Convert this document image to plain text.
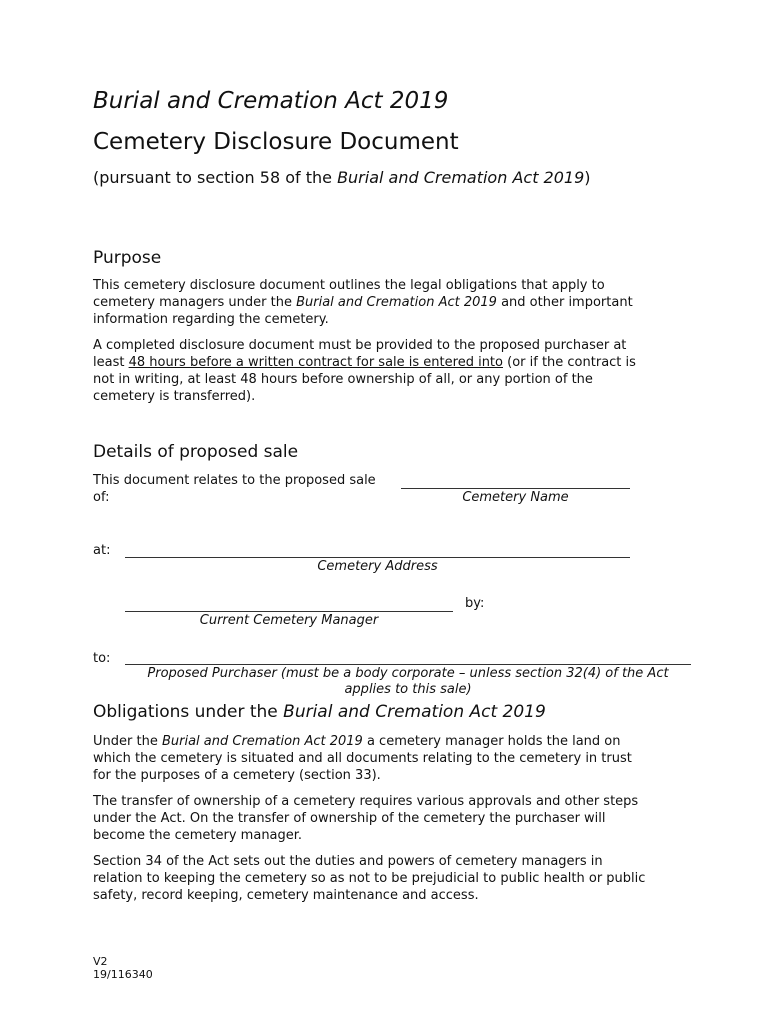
Burial and Cremation Act 2019
Cemetery Disclosure Document
(pursuant to section 58 of the Burial and Cremation Act 2019)
Purpose
This cemetery disclosure document outlines the legal obligations that apply to cemetery managers under the Burial and Cremation Act 2019 and other important information regarding the cemetery.
A completed disclosure document must be provided to the proposed purchaser at least 48 hours before a written contract for sale is entered into (or if the contract is not in writing, at least 48 hours before ownership of all, or any portion of the cemetery is transferred).
Details of proposed sale
This document relates to the proposed sale of:	Cemetery Name
at:
Cemetery Address
by:
Current Cemetery Manager
to:
Proposed Purchaser (must be a body corporate – unless section 32(4) of the Act applies to this sale)
Obligations under the Burial and Cremation Act 2019
Under the Burial and Cremation Act 2019 a cemetery manager holds the land on which the cemetery is situated and all documents relating to the cemetery in trust for the purposes of a cemetery (section 33).
The transfer of ownership of a cemetery requires various approvals and other steps under the Act. On the transfer of ownership of the cemetery the purchaser will become the cemetery manager.
Section 34 of the Act sets out the duties and powers of cemetery managers in relation to keeping the cemetery so as not to be prejudicial to public health or public safety, record keeping, cemetery maintenance and access.
V2
19/116340
